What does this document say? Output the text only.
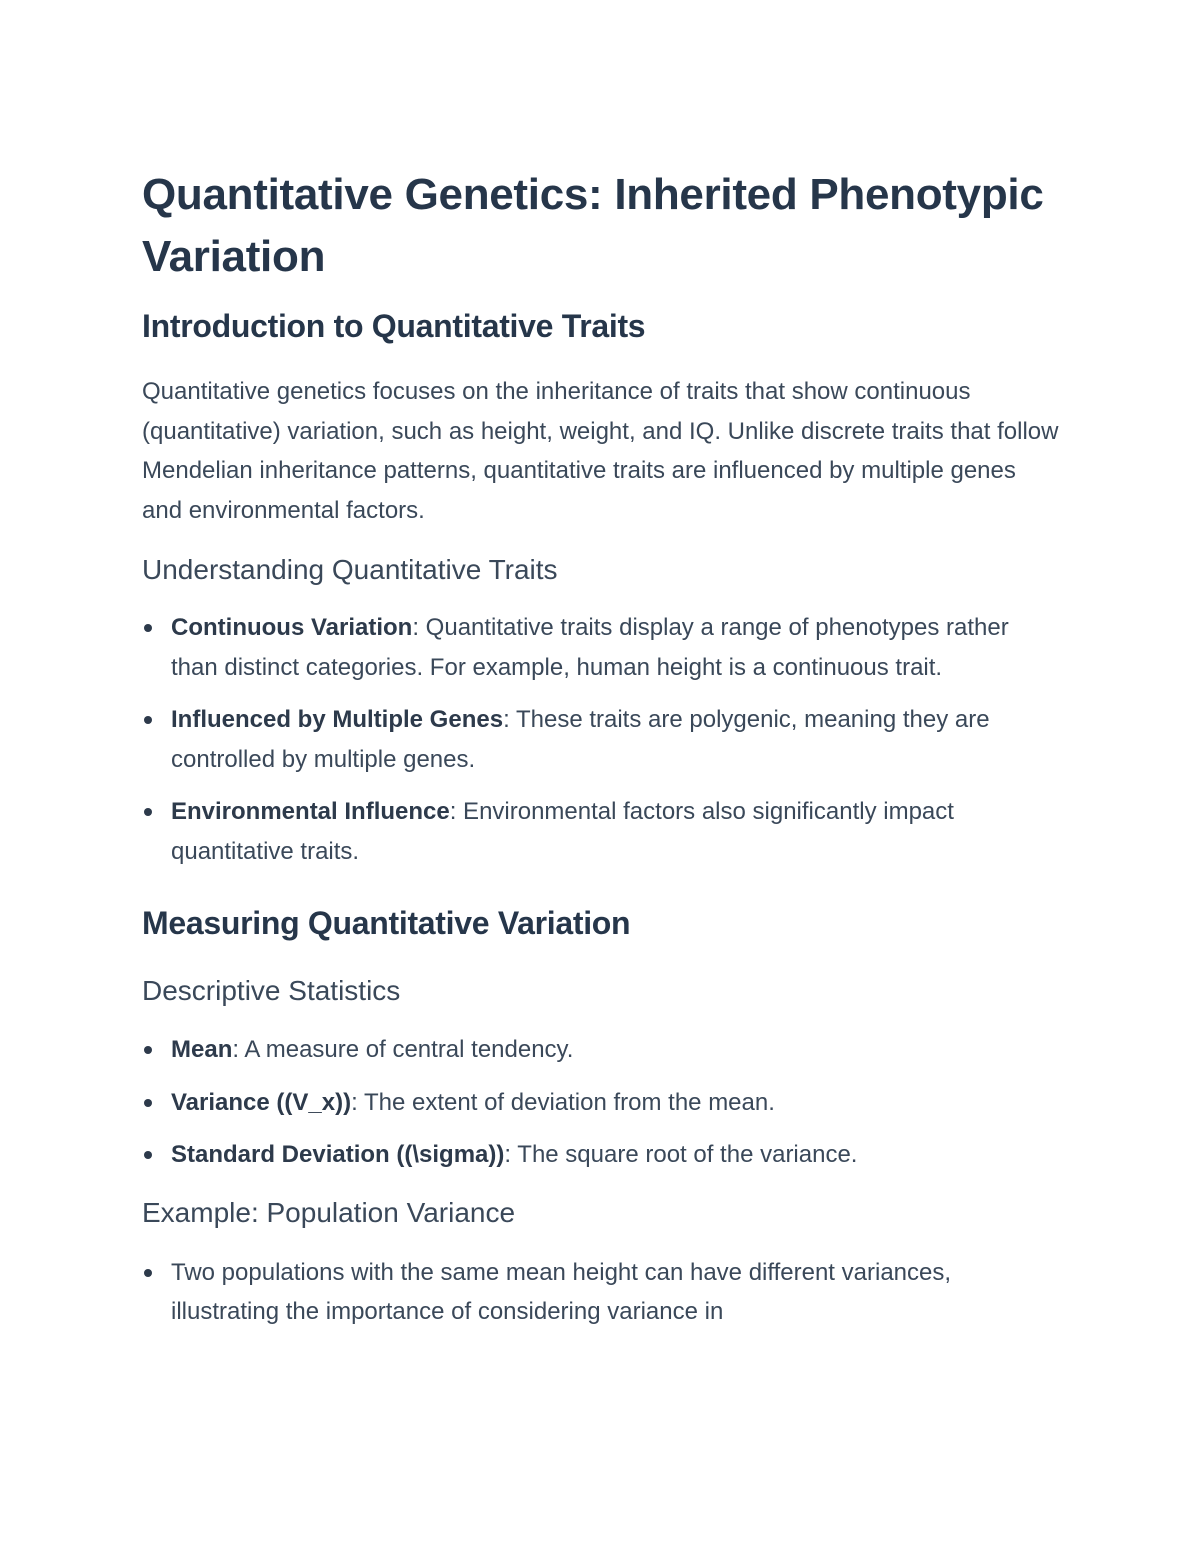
Quantitative Genetics: Inherited Phenotypic Variation
Introduction to Quantitative Traits

Quantitative genetics focuses on the inheritance of traits that show continuous (quantitative) variation, such as height, weight, and IQ. Unlike discrete traits that follow Mendelian inheritance patterns, quantitative traits are influenced by multiple genes and environmental factors.

Understanding Quantitative Traits
Continuous Variation: Quantitative traits display a range of phenotypes rather than distinct categories. For example, human height is a continuous trait.
Influenced by Multiple Genes: These traits are polygenic, meaning they are controlled by multiple genes.
Environmental Influence: Environmental factors also significantly impact quantitative traits.
Measuring Quantitative Variation
Descriptive Statistics
Mean: A measure of central tendency.
Variance ((V_x)): The extent of deviation from the mean.
Standard Deviation ((\sigma)): The square root of the variance.
Example: Population Variance
Two populations with the same mean height can have different variances, illustrating the importance of considering variance in
